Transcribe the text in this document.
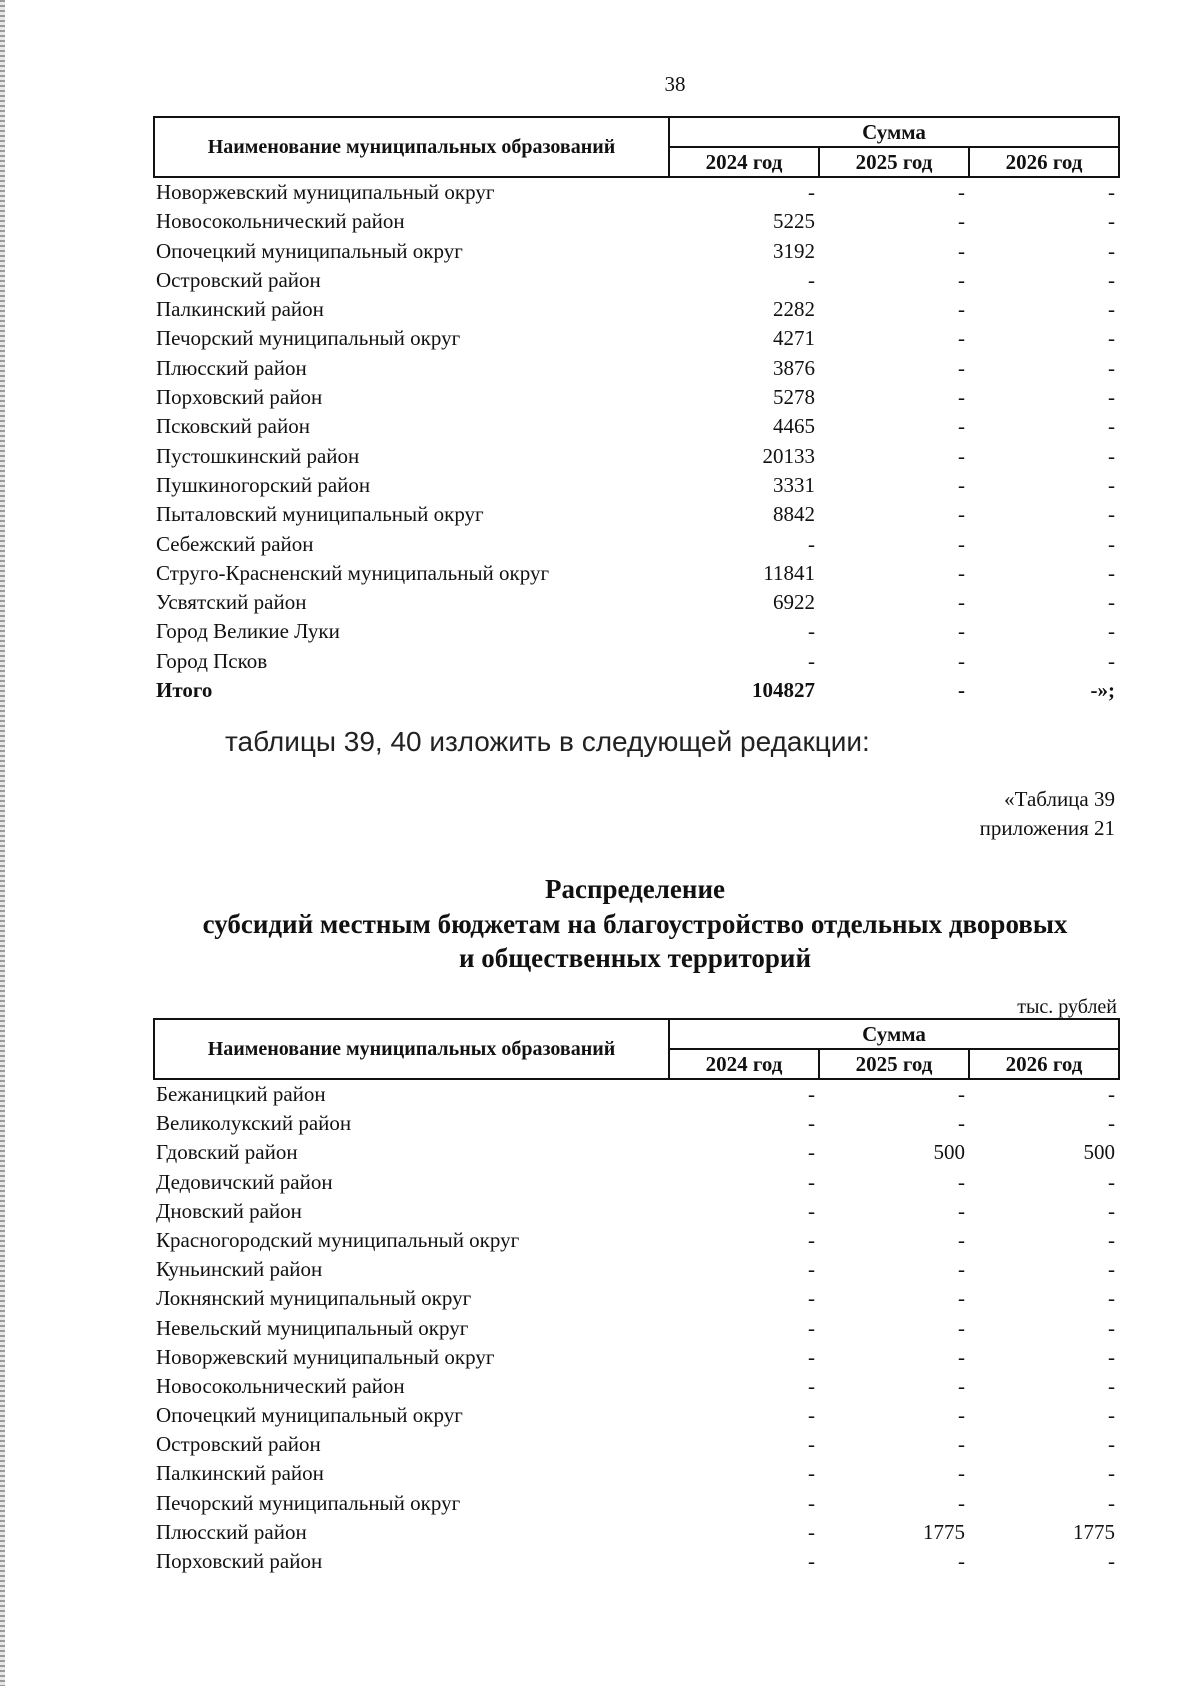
38
Наименование муниципальных образований	Сумма		
	2024 год	2025 год	2026 год
Новоржевский муниципальный округ	-	-	-
Новосокольнический район	5225	-	-
Опочецкий муниципальный округ	3192	-	-
Островский район	-	-	-
Палкинский район	2282	-	-
Печорский муниципальный округ	4271	-	-
Плюсский район	3876	-	-
Порховский район	5278	-	-
Псковский район	4465	-	-
Пустошкинский район	20133	-	-
Пушкиногорский район	3331	-	-
Пыталовский муниципальный округ	8842	-	-
Себежский район	-	-	-
Струго-Красненский муниципальный округ	11841	-	-
Усвятский район	6922	-	-
Город Великие Луки	-	-	-
Город Псков	-	-	-
Итого	104827	-	-»;
таблицы 39, 40 изложить в следующей редакции:
«Таблица 39
приложения 21
Распределение
субсидий местным бюджетам на благоустройство отдельных дворовых
и общественных территорий
тыс. рублей
Наименование муниципальных образований	Сумма		
	2024 год	2025 год	2026 год
Бежаницкий район	-	-	-
Великолукский район	-	-	-
Гдовский район	-	500	500
Дедовичский район	-	-	-
Дновский район	-	-	-
Красногородский муниципальный округ	-	-	-
Куньинский район	-	-	-
Локнянский муниципальный округ	-	-	-
Невельский муниципальный округ	-	-	-
Новоржевский муниципальный округ	-	-	-
Новосокольнический район	-	-	-
Опочецкий муниципальный округ	-	-	-
Островский район	-	-	-
Палкинский район	-	-	-
Печорский муниципальный округ	-	-	-
Плюсский район	-	1775	1775
Порховский район	-	-	-
